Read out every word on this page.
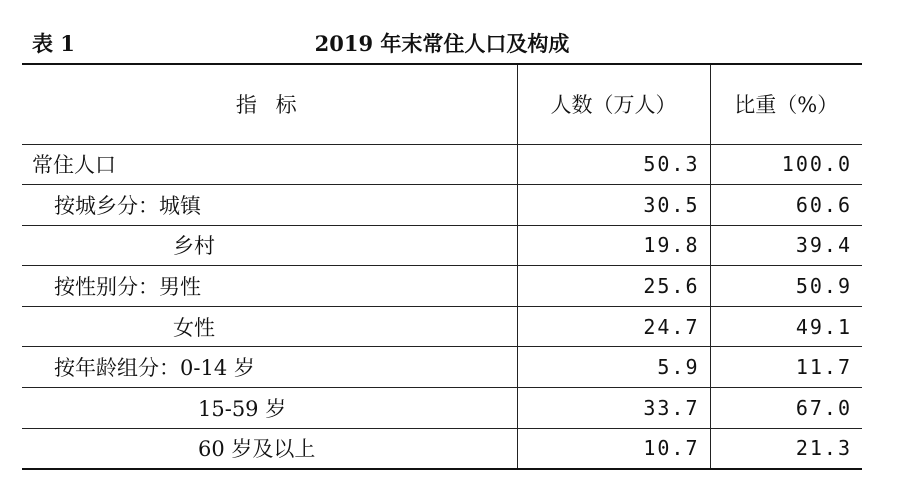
表 1	2019 年末常住人口及构成
指 标	人数（万人）	比重（%）
常住人口	50.3	100.0
按城乡分：城镇	30.5	60.6
乡村	19.8	39.4
按性别分：男性	25.6	50.9
女性	24.7	49.1
按年龄组分：0-14 岁	5.9	11.7
15-59 岁	33.7	67.0
60 岁及以上	10.7	21.3
